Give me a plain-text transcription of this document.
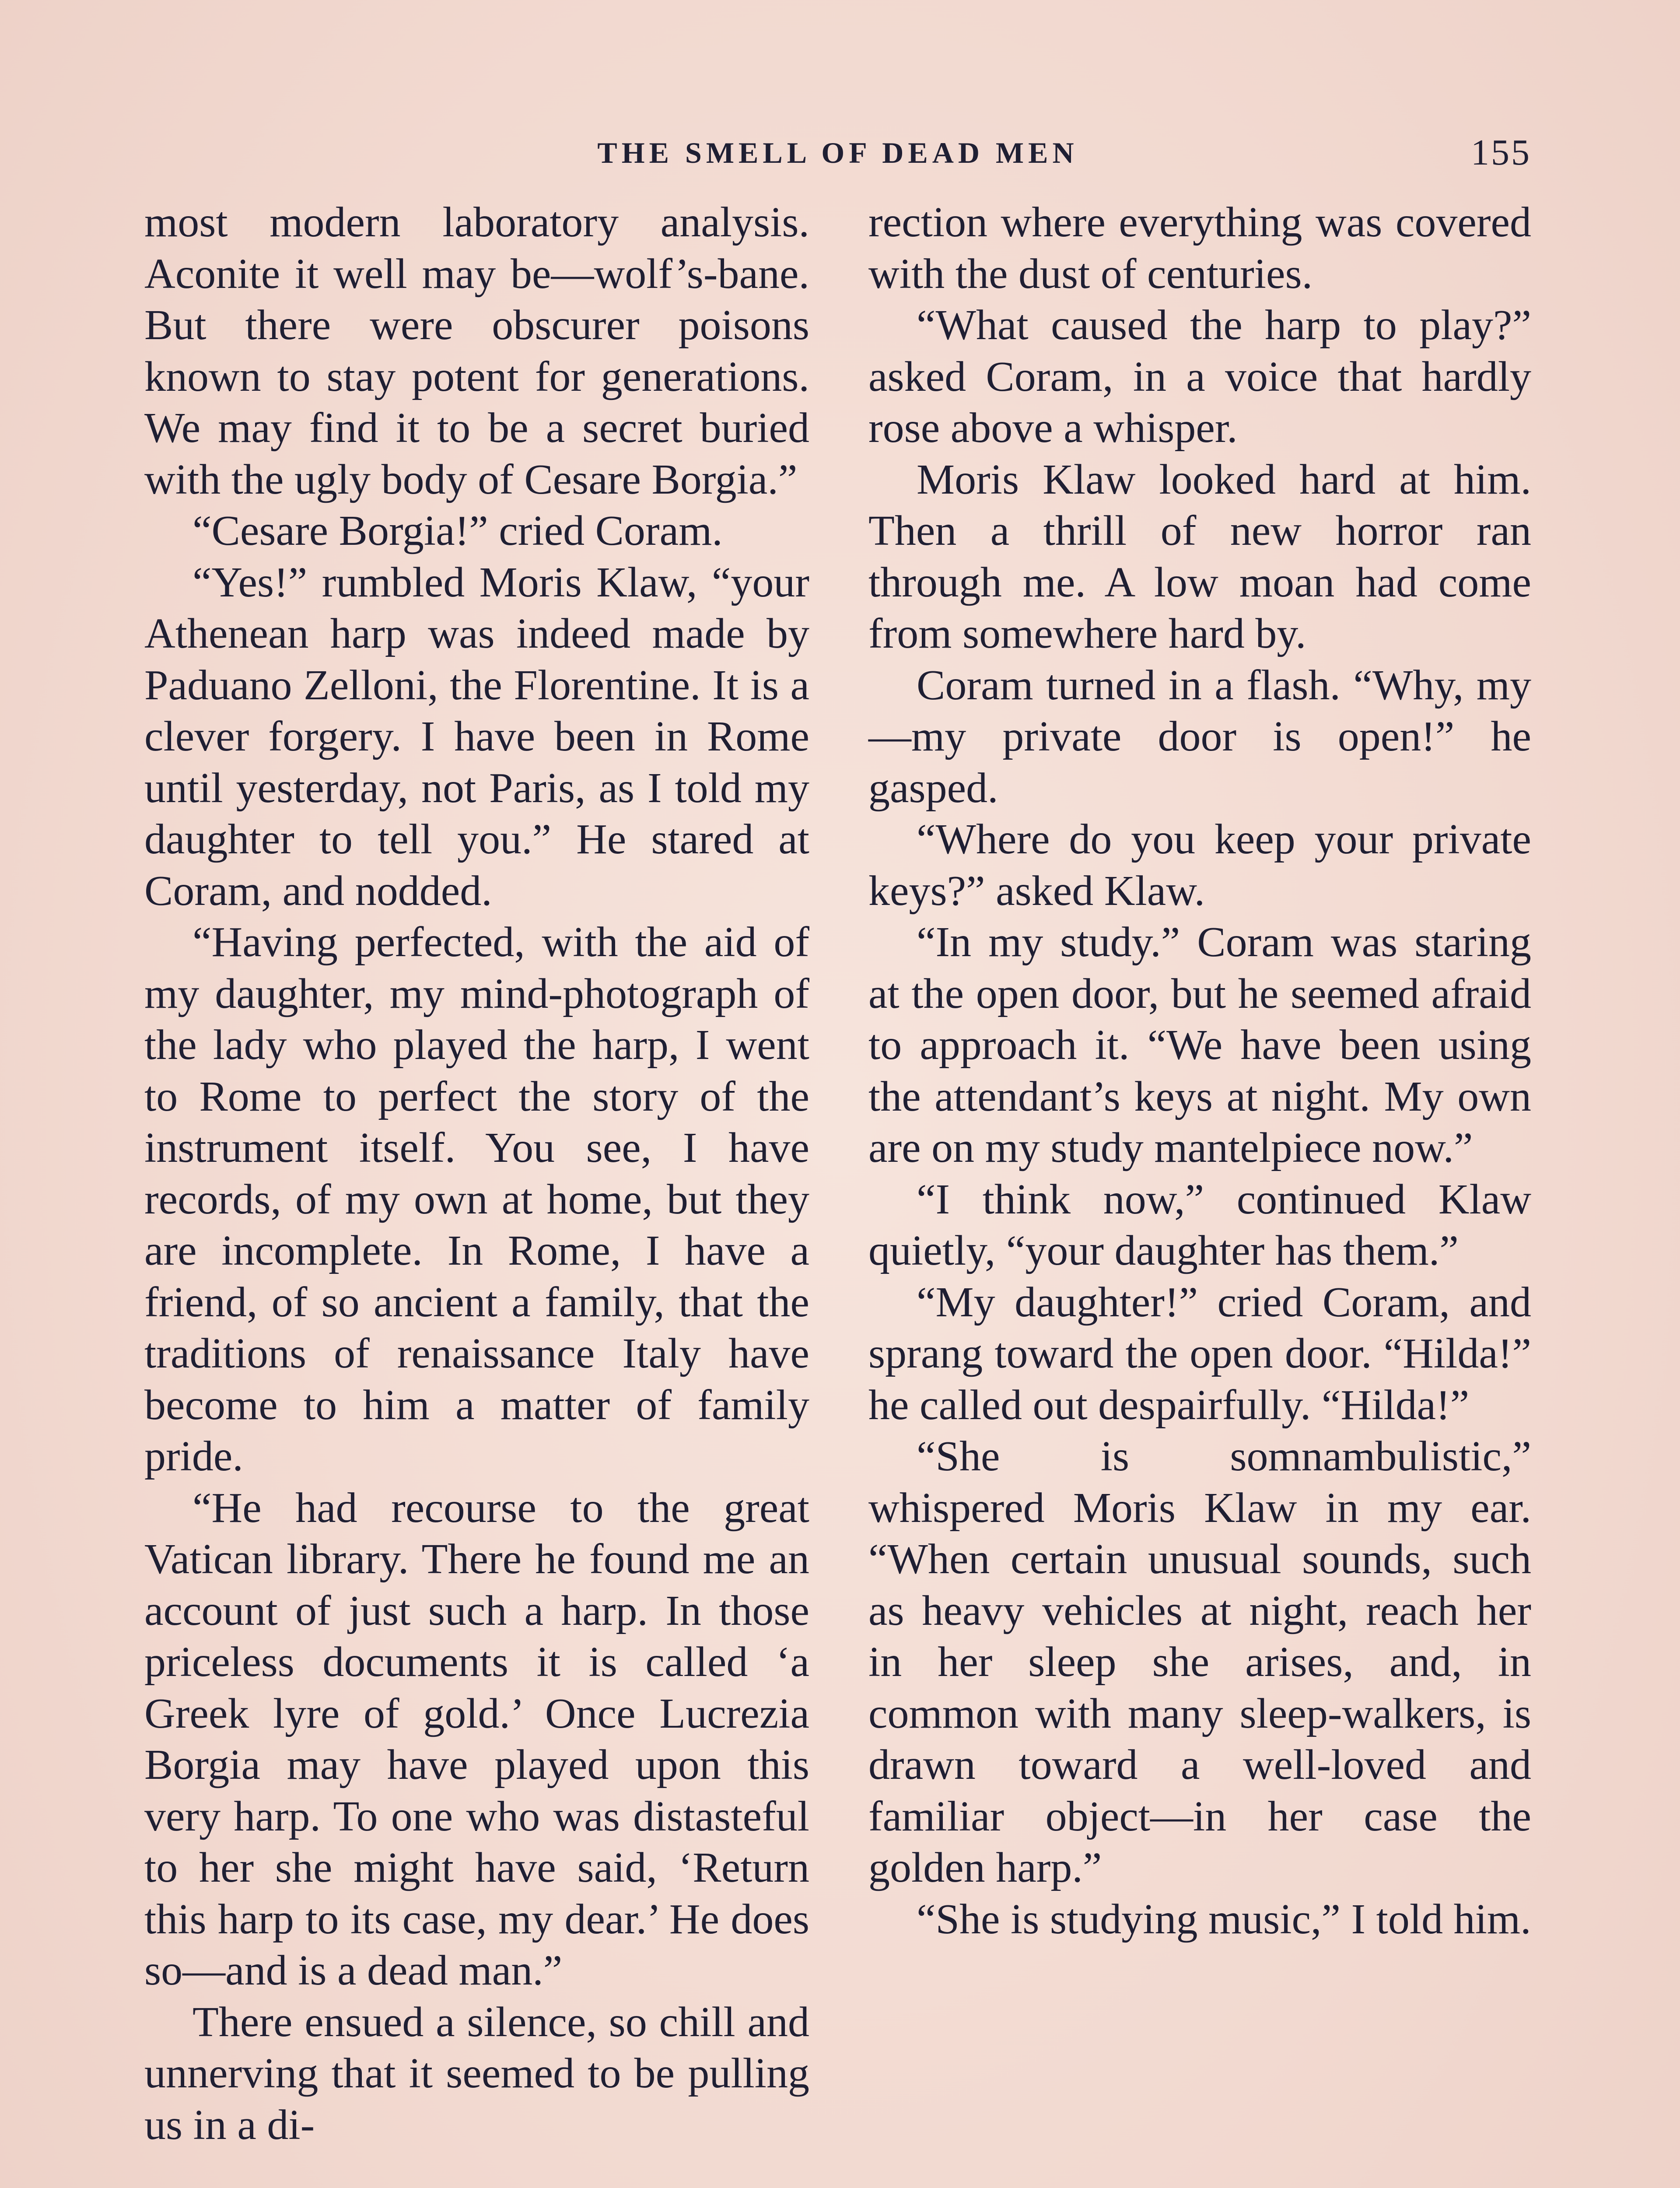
THE SMELL OF DEAD MEN	155

most modern laboratory analysis. Aconite it well may be—wolf’s-bane. But there were obscurer poisons known to stay potent for generations. We may find it to be a secret buried with the ugly body of Cesare Borgia.”

“Cesare Borgia!” cried Coram.

“Yes!” rumbled Moris Klaw, “your Athenean harp was indeed made by Paduano Zelloni, the Florentine. It is a clever forgery. I have been in Rome until yesterday, not Paris, as I told my daughter to tell you.” He stared at Coram, and nodded.

“Having perfected, with the aid of my daughter, my mind-photograph of the lady who played the harp, I went to Rome to perfect the story of the instrument itself. You see, I have records, of my own at home, but they are incomplete. In Rome, I have a friend, of so ancient a family, that the traditions of renaissance Italy have become to him a matter of family pride.

“He had recourse to the great Vatican library. There he found me an account of just such a harp. In those priceless documents it is called ‘a Greek lyre of gold.’ Once Lucrezia Borgia may have played upon this very harp. To one who was distasteful to her she might have said, ‘Return this harp to its case, my dear.’ He does so—and is a dead man.”

There ensued a silence, so chill and unnerving that it seemed to be pulling us in a di-

rection where everything was covered with the dust of centuries.

“What caused the harp to play?” asked Coram, in a voice that hardly rose above a whisper.

Moris Klaw looked hard at him. Then a thrill of new horror ran through me. A low moan had come from somewhere hard by.

Coram turned in a flash. “Why, my—my private door is open!” he gasped.

“Where do you keep your private keys?” asked Klaw.

“In my study.” Coram was staring at the open door, but he seemed afraid to approach it. “We have been using the attendant’s keys at night. My own are on my study mantelpiece now.”

“I think now,” continued Klaw quietly, “your daughter has them.”

“My daughter!” cried Coram, and sprang toward the open door. “Hilda!” he called out despairfully. “Hilda!”

“She is somnambulistic,” whispered Moris Klaw in my ear. “When certain unusual sounds, such as heavy vehicles at night, reach her in her sleep she arises, and, in common with many sleep-walkers, is drawn toward a well-loved and familiar object—in her case the golden harp.”

“She is studying music,” I told him.
